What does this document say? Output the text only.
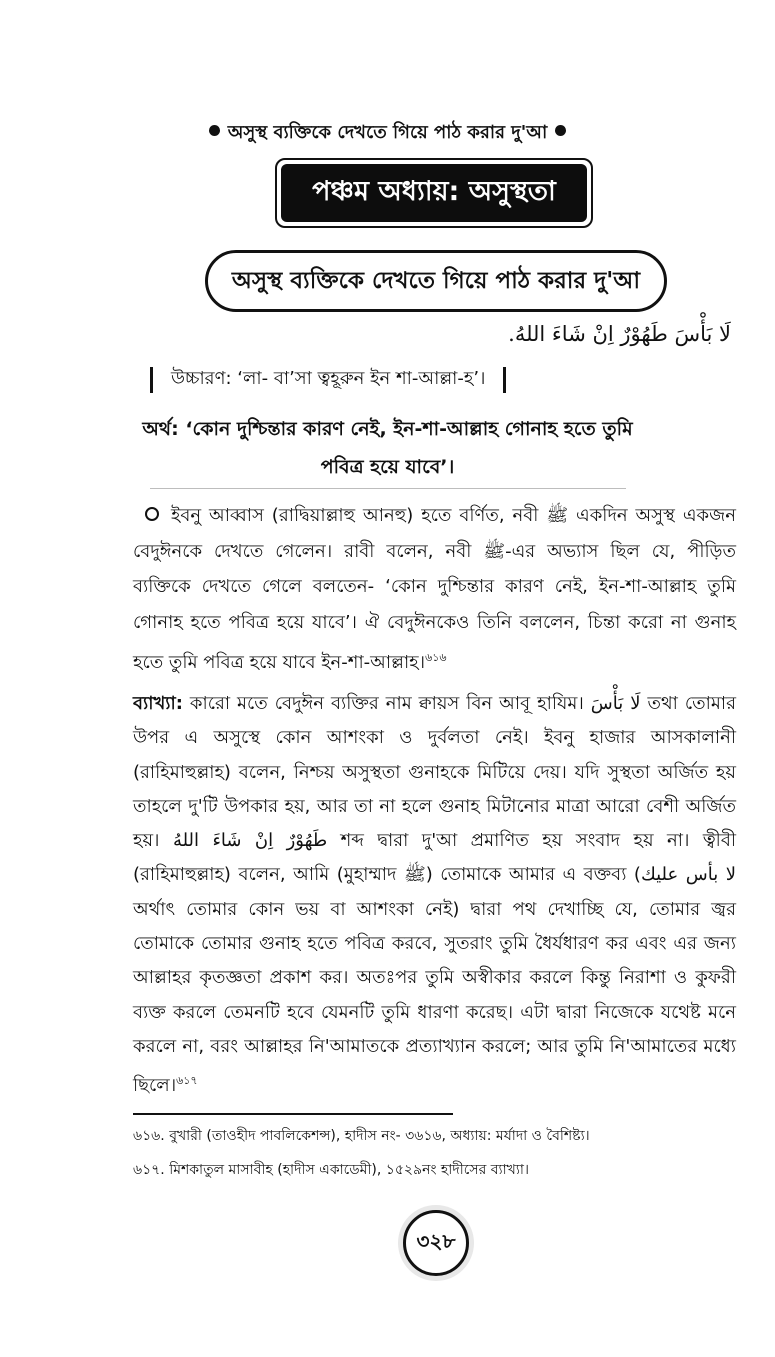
অসুস্থ ব্যক্তিকে দেখতে গিয়ে পাঠ করার দু'আ
পঞ্চম অধ্যায়: অসুস্থতা
অসুস্থ ব্যক্তিকে দেখতে গিয়ে পাঠ করার দু'আ
لَا بَأْسَ طَهُوْرٌ اِنْ شَاءَ اللهُ.
উচ্চারণ: ‘লা- বা’সা ত্বহূরুন ইন শা-আল্লা-হ’।
অর্থ: ‘কোন দুশ্চিন্তার কারণ নেই, ইন-শা-আল্লাহ গোনাহ হতে তুমি পবিত্র হয়ে যাবে’।
ইবনু আব্বাস (রাদ্বিয়াল্লাহু আনহু) হতে বর্ণিত, নবী ﷺ একদিন অসুস্থ একজন বেদুঈনকে দেখতে গেলেন। রাবী বলেন, নবী ﷺ-এর অভ্যাস ছিল যে, পীড়িত ব্যক্তিকে দেখতে গেলে বলতেন- ‘কোন দুশ্চিন্তার কারণ নেই, ইন-শা-আল্লাহ তুমি গোনাহ হতে পবিত্র হয়ে যাবে’। ঐ বেদুঈনকেও তিনি বললেন, চিন্তা করো না গুনাহ হতে তুমি পবিত্র হয়ে যাবে ইন-শা-আল্লাহ।$^{৬১৬}$
ব্যাখ্যা: কারো মতে বেদুঈন ব্যক্তির নাম ক্বায়স বিন আবূ হাযিম। لَا بَأْسَ তথা তোমার উপর এ অসুস্থে কোন আশংকা ও দুর্বলতা নেই। ইবনু হাজার আসকালানী (রাহিমাহুল্লাহ) বলেন, নিশ্চয় অসুস্থতা গুনাহকে মিটিয়ে দেয়। যদি সুস্থতা অর্জিত হয় তাহলে দু'টি উপকার হয়, আর তা না হলে গুনাহ মিটানোর মাত্রা আরো বেশী অর্জিত হয়। طَهُوْرٌ اِنْ شَاءَ اللهُ শব্দ দ্বারা দু'আ প্রমাণিত হয় সংবাদ হয় না। ত্বীবী (রাহিমাহুল্লাহ) বলেন, আমি (মুহাম্মাদ ﷺ) তোমাকে আমার এ বক্তব্য (لا بأس عليك অর্থাৎ তোমার কোন ভয় বা আশংকা নেই) দ্বারা পথ দেখাচ্ছি যে, তোমার জ্বর তোমাকে তোমার গুনাহ হতে পবিত্র করবে, সুতরাং তুমি ধৈর্যধারণ কর এবং এর জন্য আল্লাহর কৃতজ্ঞতা প্রকাশ কর। অতঃপর তুমি অস্বীকার করলে কিন্তু নিরাশা ও কুফরী ব্যক্ত করলে তেমনটি হবে যেমনটি তুমি ধারণা করেছ। এটা দ্বারা নিজেকে যথেষ্ট মনে করলে না, বরং আল্লাহর নি'আমাতকে প্রত্যাখ্যান করলে; আর তুমি নি'আমাতের মধ্যে ছিলে।$^{৬১৭}$
৬১৬. বুখারী (তাওহীদ পাবলিকেশন্স), হাদীস নং- ৩৬১৬, অধ্যায়: মর্যাদা ও বৈশিষ্ট্য।
৬১৭. মিশকাতুল মাসাবীহ (হাদীস একাডেমী), ১৫২৯নং হাদীসের ব্যাখ্যা।
৩২৮
